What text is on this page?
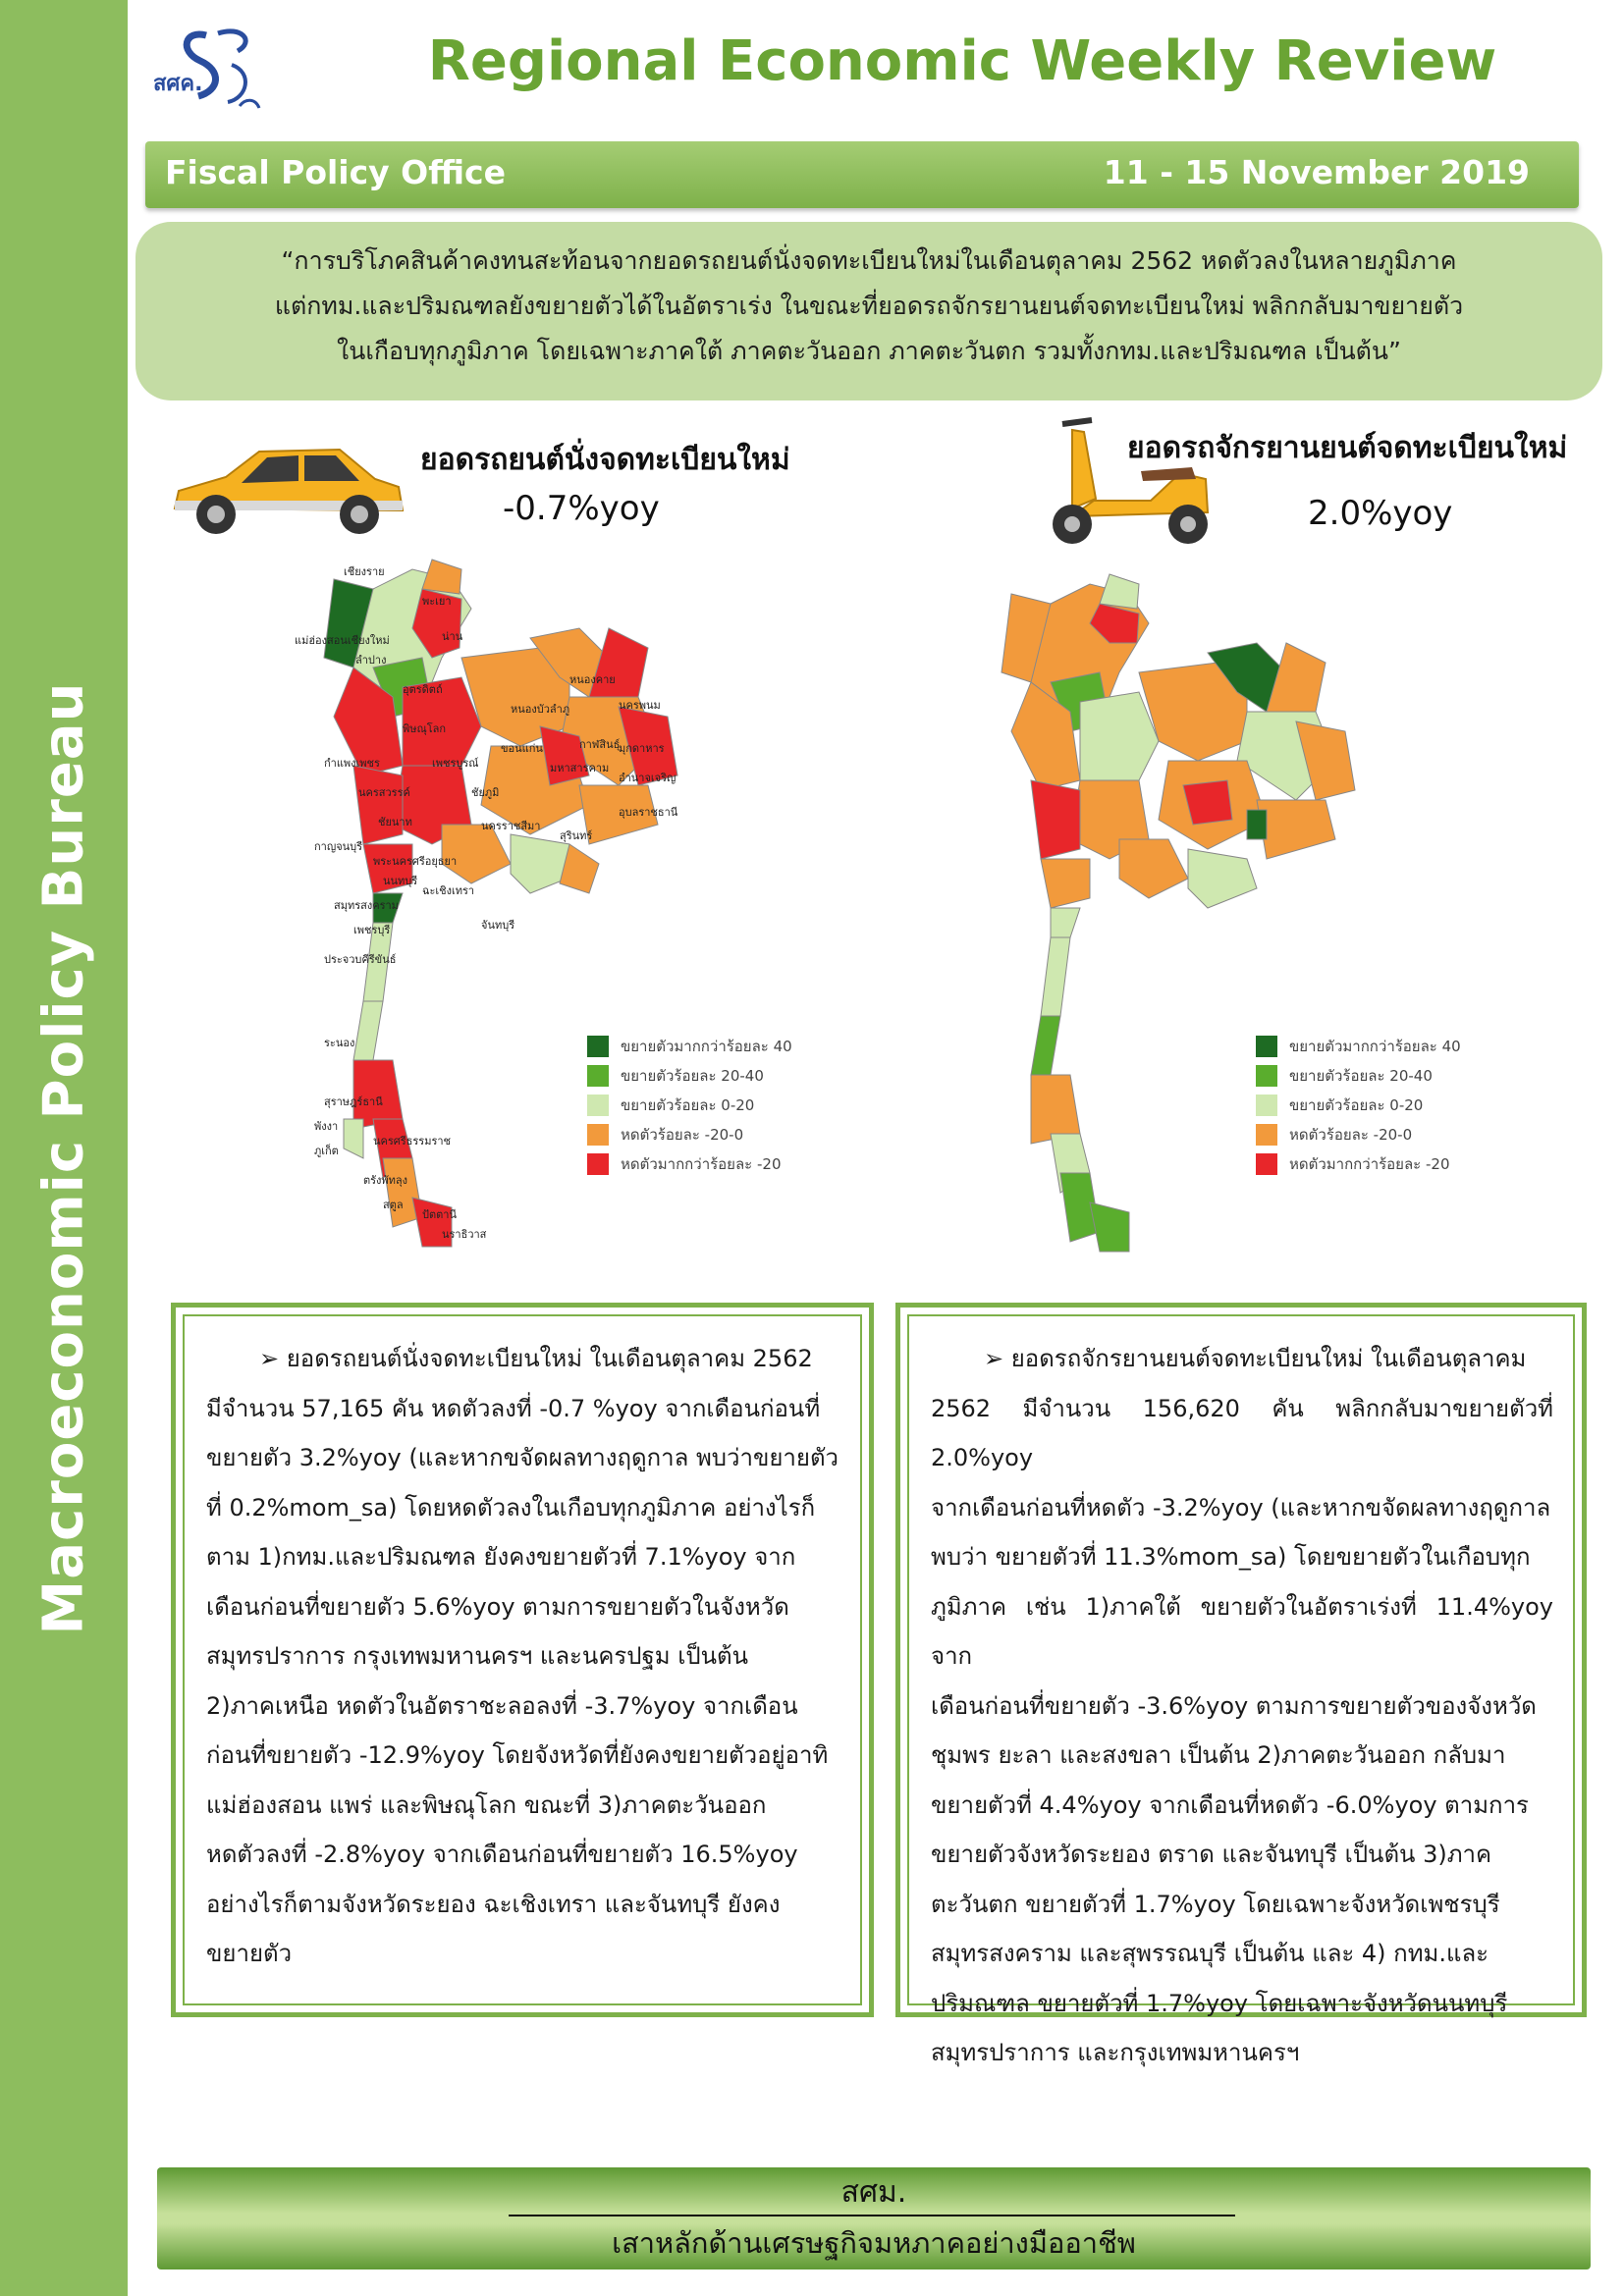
Macroeconomic Policy Bureau
สศค.	Regional Economic Weekly Review
Fiscal Policy Office	11 - 15 November 2019

“การบริโภคสินค้าคงทนสะท้อนจากยอดรถยนต์นั่งจดทะเบียนใหม่ในเดือนตุลาคม 2562 หดตัวลงในหลายภูมิภาค

แต่กทม.และปริมณฑลยังขยายตัวได้ในอัตราเร่ง ในขณะที่ยอดรถจักรยานยนต์จดทะเบียนใหม่ พลิกกลับมาขยายตัว

ในเกือบทุกภูมิภาค โดยเฉพาะภาคใต้ ภาคตะวันออก ภาคตะวันตก รวมทั้งกทม.และปริมณฑล เป็นต้น”

ยอดรถยนต์นั่งจดทะเบียนใหม่
-0.7%yoy
ยอดรถจักรยานยนต์จดทะเบียนใหม่
2.0%yoy
เชียงราย
พะเยา
น่าน
แม่ฮ่องสอนเชียงใหม่
ลำปาง
อุตรดิตถ์
หนองคาย
นครพนม
หนองบัวลำภู
พิษณุโลก
ขอนแก่น	กาฬสินธุ์
มุกดาหาร
กำแพงเพชร	เพชรบูรณ์	มหาสารคาม
อำนาจเจริญ
นครสวรรค์	ชัยภูมิ
อุบลราชธานี
ชัยนาท	นครราชสีมา
สุรินทร์
กาญจนบุรี
พระนครศรีอยุธยา
นนทบุรี
ฉะเชิงเทรา
สมุทรสงคราม
เพชรบุรี	จันทบุรี
ประจวบคีรีขันธ์
ระนอง
สุราษฎร์ธานี
พังงา
ภูเก็ต
นครศรีธรรมราช
ตรังพัทลุง
สตูล
ปัตตานี
นราธิวาส
ขยายตัวมากกว่าร้อยละ 40
ขยายตัวร้อยละ 20-40
ขยายตัวร้อยละ 0-20
หดตัวร้อยละ -20-0
หดตัวมากกว่าร้อยละ -20
ขยายตัวมากกว่าร้อยละ 40
ขยายตัวร้อยละ 20-40
ขยายตัวร้อยละ 0-20
หดตัวร้อยละ -20-0
หดตัวมากกว่าร้อยละ -20

➢ ยอดรถยนต์นั่งจดทะเบียนใหม่ ในเดือนตุลาคม 2562

มีจำนวน 57,165 คัน หดตัวลงที่ -0.7 %yoy จากเดือนก่อนที่

ขยายตัว 3.2%yoy (และหากขจัดผลทางฤดูกาล พบว่าขยายตัว

ที่ 0.2%mom_sa) โดยหดตัวลงในเกือบทุกภูมิภาค อย่างไรก็

ตาม 1)กทม.และปริมณฑล ยังคงขยายตัวที่ 7.1%yoy จาก

เดือนก่อนที่ขยายตัว 5.6%yoy ตามการขยายตัวในจังหวัด

สมุทรปราการ กรุงเทพมหานครฯ และนครปฐม เป็นต้น

2)ภาคเหนือ หดตัวในอัตราชะลอลงที่ -3.7%yoy จากเดือน

ก่อนที่ขยายตัว -12.9%yoy โดยจังหวัดที่ยังคงขยายตัวอยู่อาทิ

แม่ฮ่องสอน แพร่ และพิษณุโลก ขณะที่ 3)ภาคตะวันออก

หดตัวลงที่ -2.8%yoy จากเดือนก่อนที่ขยายตัว 16.5%yoy

อย่างไรก็ตามจังหวัดระยอง ฉะเชิงเทรา และจันทบุรี ยังคง

ขยายตัว

➢ ยอดรถจักรยานยนต์จดทะเบียนใหม่ ในเดือนตุลาคม

2562 มีจำนวน 156,620 คัน พลิกกลับมาขยายตัวที่ 2.0%yoy

จากเดือนก่อนที่หดตัว -3.2%yoy (และหากขจัดผลทางฤดูกาล

พบว่า ขยายตัวที่ 11.3%mom_sa) โดยขยายตัวในเกือบทุก

ภูมิภาค เช่น 1)ภาคใต้ ขยายตัวในอัตราเร่งที่ 11.4%yoy จาก

เดือนก่อนที่ขยายตัว -3.6%yoy ตามการขยายตัวของจังหวัด

ชุมพร ยะลา และสงขลา เป็นต้น 2)ภาคตะวันออก กลับมา

ขยายตัวที่ 4.4%yoy จากเดือนที่หดตัว -6.0%yoy ตามการ

ขยายตัวจังหวัดระยอง ตราด และจันทบุรี เป็นต้น 3)ภาค

ตะวันตก ขยายตัวที่ 1.7%yoy โดยเฉพาะจังหวัดเพชรบุรี

สมุทรสงคราม และสุพรรณบุรี เป็นต้น และ 4) กทม.และ

ปริมณฑล ขยายตัวที่ 1.7%yoy โดยเฉพาะจังหวัดนนทบุรี

สมุทรปราการ และกรุงเทพมหานครฯ

สศม.
เสาหลักด้านเศรษฐกิจมหภาคอย่างมืออาชีพ
